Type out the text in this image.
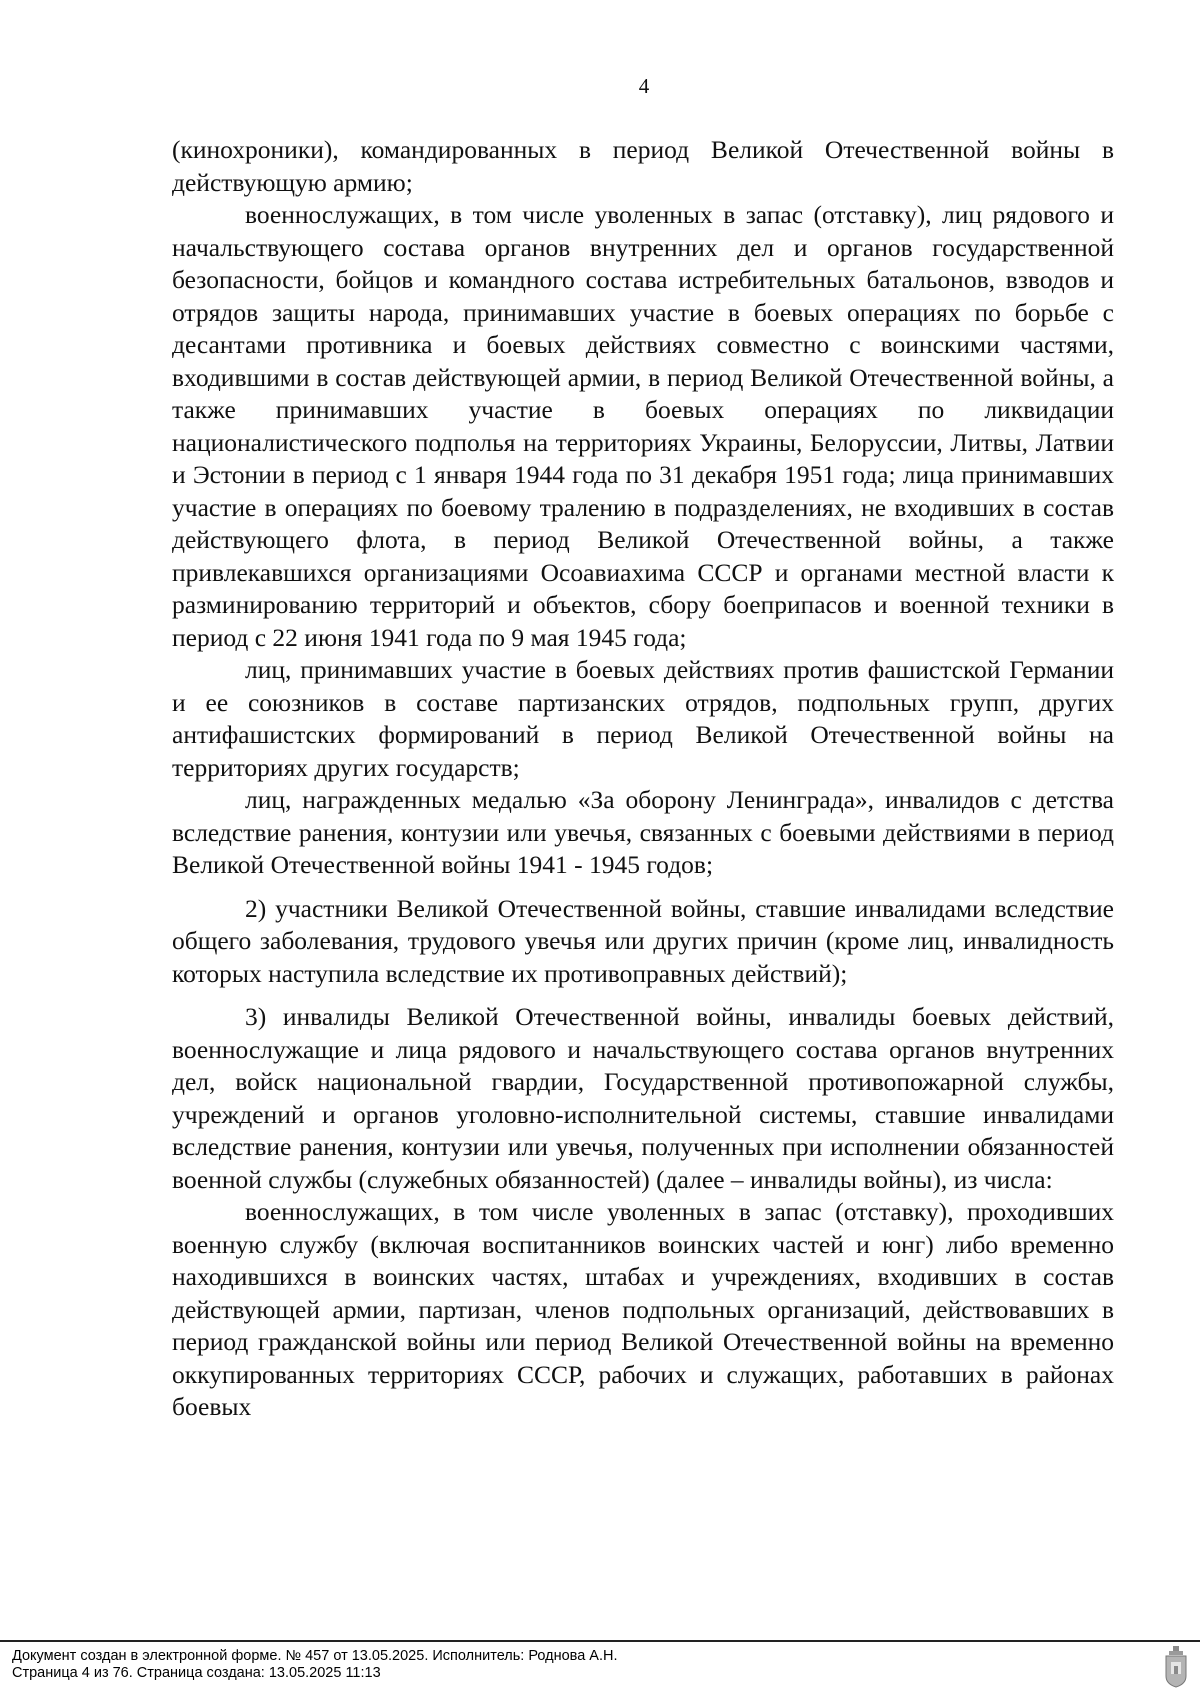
4

(кинохроники), командированных в период Великой Отечественной войны в действующую армию;

военнослужащих, в том числе уволенных в запас (отставку), лиц рядового и начальствующего состава органов внутренних дел и органов государственной безопасности, бойцов и командного состава истребительных батальонов, взводов и отрядов защиты народа, принимавших участие в боевых операциях по борьбе с десантами противника и боевых действиях совместно с воинскими частями, входившими в состав действующей армии, в период Великой Отечественной войны, а также принимавших участие в боевых операциях по ликвидации националистического подполья на территориях Украины, Белоруссии, Литвы, Латвии и Эстонии в период с 1 января 1944 года по 31 декабря 1951 года; лица принимавших участие в операциях по боевому тралению в подразделениях, не входивших в состав действующего флота, в период Великой Отечественной войны, а также привлекавшихся организациями Осоавиахима СССР и органами местной власти к разминированию территорий и объектов, сбору боеприпасов и военной техники в период с 22 июня 1941 года по 9 мая 1945 года;

лиц, принимавших участие в боевых действиях против фашистской Германии и ее союзников в составе партизанских отрядов, подпольных групп, других антифашистских формирований в период Великой Отечественной войны на территориях других государств;

лиц, награжденных медалью «За оборону Ленинграда», инвалидов с детства вследствие ранения, контузии или увечья, связанных с боевыми действиями в период Великой Отечественной войны 1941 - 1945 годов;

2) участники Великой Отечественной войны, ставшие инвалидами вследствие общего заболевания, трудового увечья или других причин (кроме лиц, инвалидность которых наступила вследствие их противоправных действий);

3) инвалиды Великой Отечественной войны, инвалиды боевых действий, военнослужащие и лица рядового и начальствующего состава органов внутренних дел, войск национальной гвардии, Государственной противопожарной службы, учреждений и органов уголовно-исполнительной системы, ставшие инвалидами вследствие ранения, контузии или увечья, полученных при исполнении обязанностей военной службы (служебных обязанностей) (далее – инвалиды войны), из числа:

военнослужащих, в том числе уволенных в запас (отставку), проходивших военную службу (включая воспитанников воинских частей и юнг) либо временно находившихся в воинских частях, штабах и учреждениях, входивших в состав действующей армии, партизан, членов подпольных организаций, действовавших в период гражданской войны или период Великой Отечественной войны на временно оккупированных территориях СССР, рабочих и служащих, работавших в районах боевых

Документ создан в электронной форме. № 457 от 13.05.2025. Исполнитель: Роднова А.Н.
Страница 4 из 76. Страница создана: 13.05.2025 11:13
